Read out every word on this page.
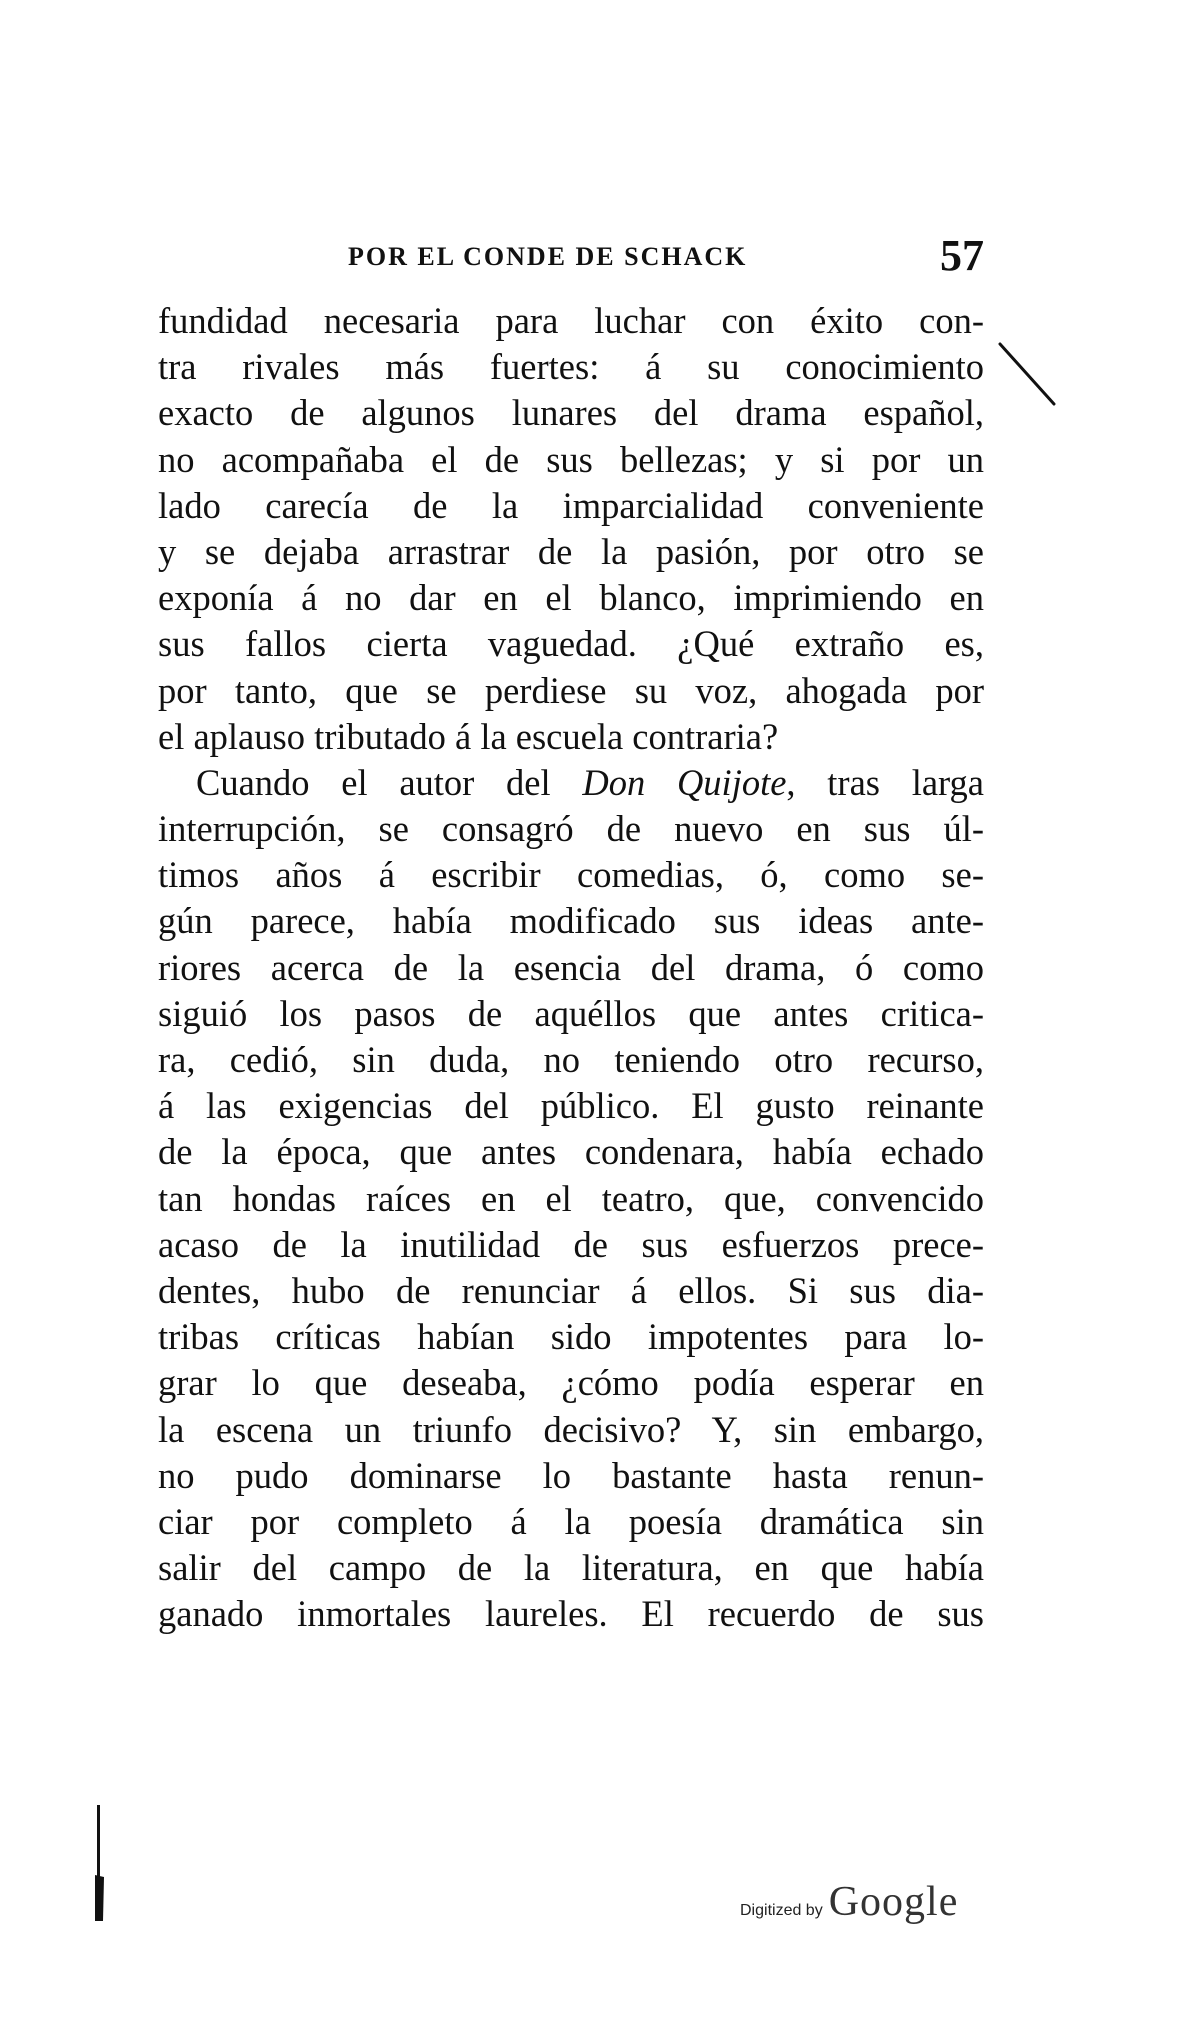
POR EL CONDE DE SCHACK	57
fundidad necesaria para luchar con éxito con-
tra rivales más fuertes: á su conocimiento
exacto de algunos lunares del drama español,
no acompañaba el de sus bellezas; y si por un
lado carecía de la imparcialidad conveniente
y se dejaba arrastrar de la pasión, por otro se
exponía á no dar en el blanco, imprimiendo en
sus fallos cierta vaguedad. ¿Qué extraño es,
por tanto, que se perdiese su voz, ahogada por
el aplauso tributado á la escuela contraria?
Cuando el autor del Don Quijote, tras larga
interrupción, se consagró de nuevo en sus úl-
timos años á escribir comedias, ó, como se-
gún parece, había modificado sus ideas ante-
riores acerca de la esencia del drama, ó como
siguió los pasos de aquéllos que antes critica-
ra, cedió, sin duda, no teniendo otro recurso,
á las exigencias del público. El gusto reinante
de la época, que antes condenara, había echado
tan hondas raíces en el teatro, que, convencido
acaso de la inutilidad de sus esfuerzos prece-
dentes, hubo de renunciar á ellos. Si sus dia-
tribas críticas habían sido impotentes para lo-
grar lo que deseaba, ¿cómo podía esperar en
la escena un triunfo decisivo? Y, sin embargo,
no pudo dominarse lo bastante hasta renun-
ciar por completo á la poesía dramática sin
salir del campo de la literatura, en que había
ganado inmortales laureles. El recuerdo de sus
Digitized by Google
